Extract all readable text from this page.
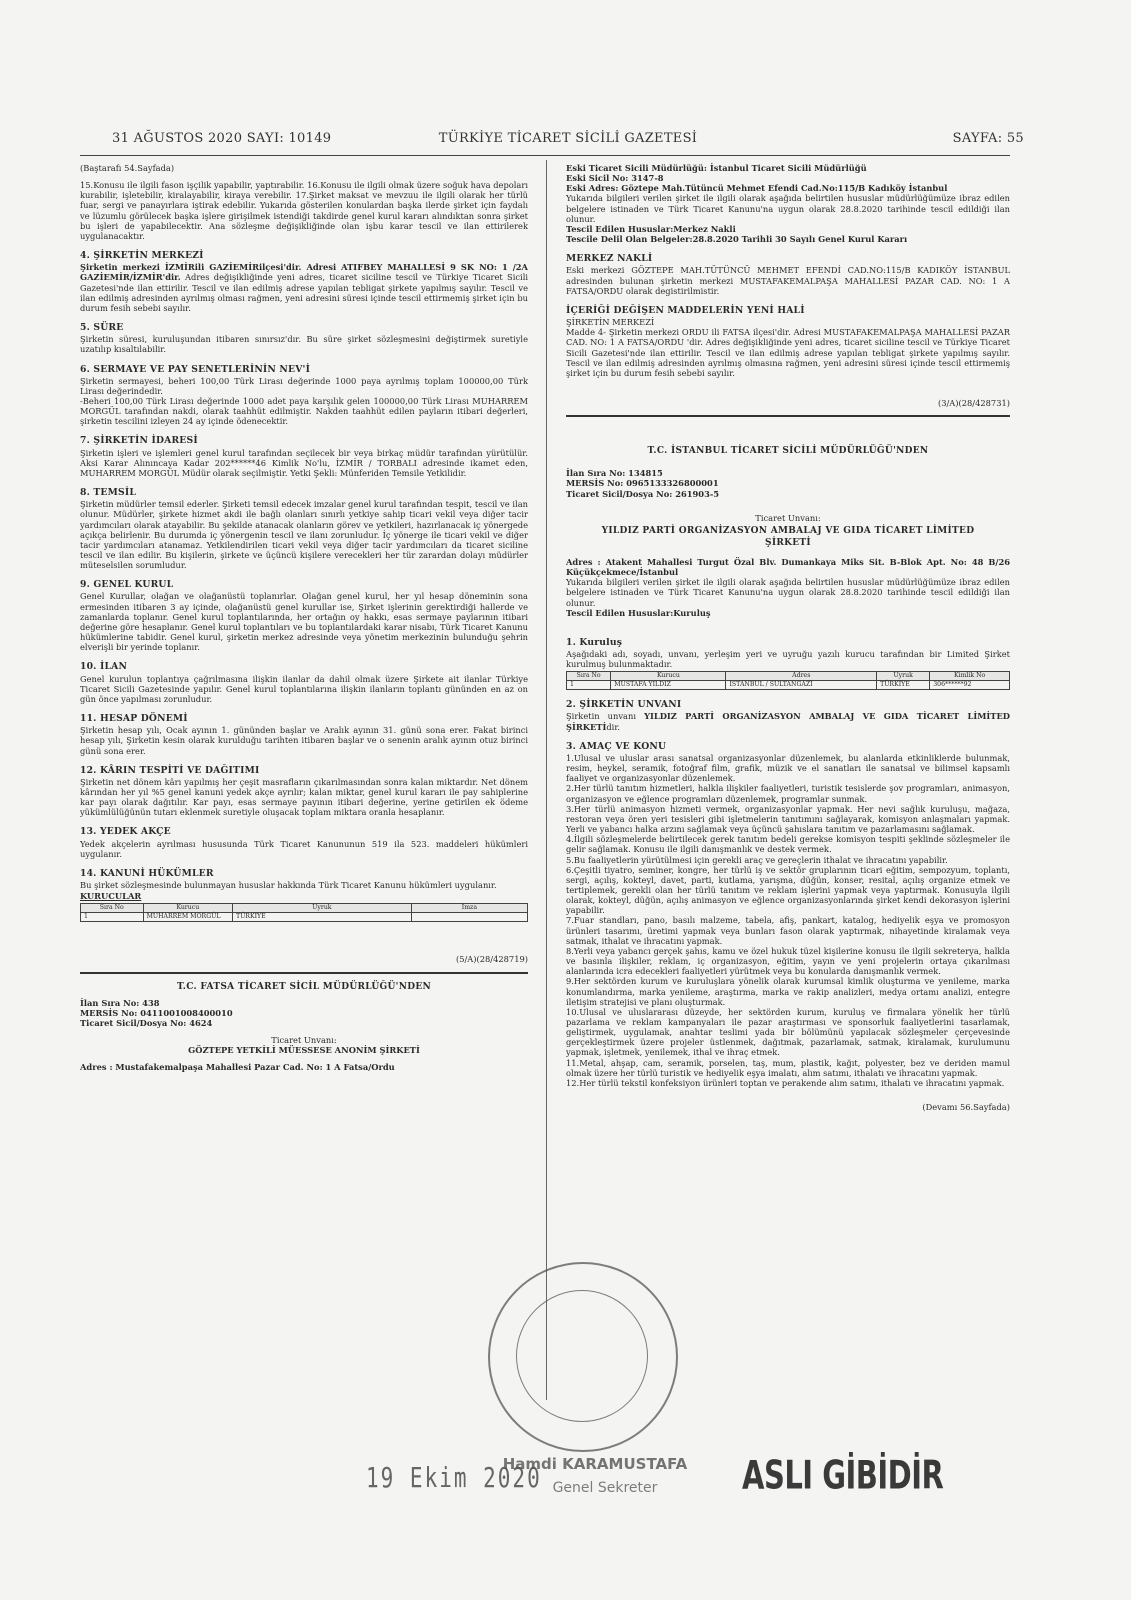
31 AĞUSTOS 2020 SAYI: 10149	TÜRKİYE TİCARET SİCİLİ GAZETESİ	SAYFA: 55

(Baştarafı 54.Sayfada)

15.Konusu ile ilgili fason işçilik yapabilir, yaptırabilir. 16.Konusu ile ilgili olmak üzere soğuk hava depoları kurabilir, işletebilir, kiralayabilir, kiraya verebilir. 17.Şirket maksat ve mevzuu ile ilgili olarak her türlü fuar, sergi ve panayırlara iştirak edebilir. Yukarıda gösterilen konulardan başka ilerde şirket için faydalı ve lüzumlu görülecek başka işlere girişilmek istendiği takdirde genel kurul kararı alındıktan sonra şirket bu işleri de yapabilecektir. Ana sözleşme değişikliğinde olan işbu karar tescil ve ilan ettirilerek uygulanacaktır.

4. ŞİRKETİN MERKEZİ

Şirketin merkezi İZMİRili GAZİEMİRilçesi'dir. Adresi ATIFBEY MAHALLESİ 9 SK NO: 1 /2A GAZİEMİR/İZMİR'dir. Adres değişikliğinde yeni adres, ticaret siciline tescil ve Türkiye Ticaret Sicili Gazetesi'nde ilan ettirilir. Tescil ve ilan edilmiş adrese yapılan tebligat şirkete yapılmış sayılır. Tescil ve ilan edilmiş adresinden ayrılmış olması rağmen, yeni adresini süresi içinde tescil ettirmemiş şirket için bu durum fesih sebebi sayılır.

5. SÜRE

Şirketin süresi, kuruluşundan itibaren sınırsız'dır. Bu süre şirket sözleşmesini değiştirmek suretiyle uzatılıp kısaltılabilir.

6. SERMAYE VE PAY SENETLERİNİN NEV'İ

Şirketin sermayesi, beheri 100,00 Türk Lirası değerinde 1000 paya ayrılmış toplam 100000,00 Türk Lirası değerindedir.

-Beheri 100,00 Türk Lirası değerinde 1000 adet paya karşılık gelen 100000,00 Türk Lirası MUHARREM MORGÜL tarafından nakdi, olarak taahhüt edilmiştir. Nakden taahhüt edilen payların itibari değerleri, şirketin tescilini izleyen 24 ay içinde ödenecektir.

7. ŞİRKETİN İDARESİ

Şirketin işleri ve işlemleri genel kurul tarafından seçilecek bir veya birkaç müdür tarafından yürütülür. Aksi Karar Alınıncaya Kadar 202******46 Kimlik No'lu, İZMİR / TORBALI adresinde ikamet eden, MUHARREM MORGÜL Müdür olarak seçilmiştir. Yetki Şekli: Münferiden Temsile Yetkilidir.

8. TEMSİL

Şirketin müdürler temsil ederler. Şirketi temsil edecek imzalar genel kurul tarafından tespit, tescil ve ilan olunur. Müdürler, şirkete hizmet akdi ile bağlı olanları sınırlı yetkiye sahip ticari vekil veya diğer tacir yardımcıları olarak atayabilir. Bu şekilde atanacak olanların görev ve yetkileri, hazırlanacak iç yönergede açıkça belirlenir. Bu durumda iç yönergenin tescil ve ilanı zorunludur. İç yönerge ile ticari vekil ve diğer tacir yardımcıları atanamaz. Yetkilendirilen ticari vekil veya diğer tacir yardımcıları da ticaret siciline tescil ve ilan edilir. Bu kişilerin, şirkete ve üçüncü kişilere verecekleri her tür zarardan dolayı müdürler müteselsilen sorumludur.

9. GENEL KURUL

Genel Kurullar, olağan ve olağanüstü toplanırlar. Olağan genel kurul, her yıl hesap döneminin sona ermesinden itibaren 3 ay içinde, olağanüstü genel kurullar ise, Şirket işlerinin gerektirdiği hallerde ve zamanlarda toplanır. Genel kurul toplantılarında, her ortağın oy hakkı, esas sermaye paylarının itibari değerine göre hesaplanır. Genel kurul toplantıları ve bu toplantılardaki karar nisabı, Türk Ticaret Kanunu hükümlerine tabidir. Genel kurul, şirketin merkez adresinde veya yönetim merkezinin bulunduğu şehrin elverişli bir yerinde toplanır.

10. İLAN

Genel kurulun toplantıya çağrılmasına ilişkin ilanlar da dahil olmak üzere Şirkete ait ilanlar Türkiye Ticaret Sicili Gazetesinde yapılır. Genel kurul toplantılarına ilişkin ilanların toplantı gününden en az on gün önce yapılması zorunludur.

11. HESAP DÖNEMİ

Şirketin hesap yılı, Ocak ayının 1. gününden başlar ve Aralık ayının 31. günü sona erer. Fakat birinci hesap yılı, Şirketin kesin olarak kurulduğu tarihten itibaren başlar ve o senenin aralık ayının otuz birinci günü sona erer.

12. KÂRIN TESPİTİ VE DAĞITIMI

Şirketin net dönem kârı yapılmış her çeşit masrafların çıkarılmasından sonra kalan miktardır. Net dönem kârından her yıl %5 genel kanuni yedek akçe ayrılır; kalan miktar, genel kurul kararı ile pay sahiplerine kar payı olarak dağıtılır. Kar payı, esas sermaye payının itibari değerine, yerine getirilen ek ödeme yükümlülüğünün tutarı eklenmek suretiyle oluşacak toplam miktara oranla hesaplanır.

13. YEDEK AKÇE

Yedek akçelerin ayrılması hususunda Türk Ticaret Kanununun 519 ila 523. maddeleri hükümleri uygulanır.

14. KANUNİ HÜKÜMLER

Bu şirket sözleşmesinde bulunmayan hususlar hakkında Türk Ticaret Kanunu hükümleri uygulanır.

KURUCULAR
Sıra No	Kurucu	Uyruk	İmza
1	MUHARREM MORGÜL	TÜRKİYE	

(5/A)(28/428719)

T.C. FATSA TİCARET SİCİL MÜDÜRLÜĞÜ'NDEN

İlan Sıra No: 438

MERSİS No: 0411001008400010

Ticaret Sicil/Dosya No: 4624

Ticaret Unvanı:

GÖZTEPE YETKİLİ MÜESSESE ANONİM ŞİRKETİ

Adres : Mustafakemalpaşa Mahallesi Pazar Cad. No: 1 A Fatsa/Ordu

Eski Ticaret Sicili Müdürlüğü: İstanbul Ticaret Sicili Müdürlüğü

Eski Sicil No: 3147-8

Eski Adres: Göztepe Mah.Tütüncü Mehmet Efendi Cad.No:115/B Kadıköy İstanbul

Yukarıda bilgileri verilen şirket ile ilgili olarak aşağıda belirtilen hususlar müdürlüğümüze ibraz edilen belgelere istinaden ve Türk Ticaret Kanunu'na uygun olarak 28.8.2020 tarihinde tescil edildiği ilan olunur.

Tescil Edilen Hususlar:Merkez Nakli

Tescile Delil Olan Belgeler:28.8.2020 Tarihli 30 Sayılı Genel Kurul Kararı

MERKEZ NAKLİ

Eski merkezi GÖZTEPE MAH.TÜTÜNCÜ MEHMET EFENDİ CAD.NO:115/B KADIKÖY İSTANBUL adresinden bulunan şirketin merkezi MUSTAFAKEMALPAŞA MAHALLESİ PAZAR CAD. NO: 1 A FATSA/ORDU olarak degistirilmistir.

İÇERİĞİ DEĞİŞEN MADDELERİN YENİ HALİ

ŞİRKETİN MERKEZİ

Madde 4- Şirketin merkezi ORDU ili FATSA ilçesi'dir. Adresi MUSTAFAKEMALPAŞA MAHALLESİ PAZAR CAD. NO: 1 A FATSA/ORDU 'dir. Adres değişikliğinde yeni adres, ticaret siciline tescil ve Türkiye Ticaret Sicili Gazetesi'nde ilan ettirilir. Tescil ve ilan edilmiş adrese yapılan tebligat şirkete yapılmış sayılır. Tescil ve ilan edilmiş adresinden ayrılmış olmasına rağmen, yeni adresini süresi içinde tescil ettirmemiş şirket için bu durum fesih sebebi sayılır.

(3/A)(28/428731)

T.C. İSTANBUL TİCARET SİCİLİ MÜDÜRLÜĞÜ'NDEN

İlan Sıra No: 134815

MERSİS No: 0965133326800001

Ticaret Sicil/Dosya No: 261903-5

Ticaret Unvanı:

YILDIZ PARTİ ORGANİZASYON AMBALAJ VE GIDA TİCARET LİMİTED ŞİRKETİ

Adres : Atakent Mahallesi Turgut Özal Blv. Dumankaya Miks Sit. B-Blok Apt. No: 48 B/26 Küçükçekmece/İstanbul

Yukarıda bilgileri verilen şirket ile ilgili olarak aşağıda belirtilen hususlar müdürlüğümüze ibraz edilen belgelere istinaden ve Türk Ticaret Kanunu'na uygun olarak 28.8.2020 tarihinde tescil edildiği ilan olunur.

Tescil Edilen Hususlar:Kuruluş

1. Kuruluş

Aşağıdaki adı, soyadı, unvanı, yerleşim yeri ve uyruğu yazılı kurucu tarafından bir Limited Şirket kurulmuş bulunmaktadır.

Sıra No	Kurucu	Adres	Uyruk	Kimlik No
1	MUSTAFA YILDIZ	İSTANBUL / SULTANGAZİ	TÜRKİYE	306******92
2. ŞİRKETİN UNVANI

Şirketin unvanı YILDIZ PARTİ ORGANİZASYON AMBALAJ VE GIDA TİCARET LİMİTED ŞİRKETİdir.

3. AMAÇ VE KONU

1.Ulusal ve uluslar arası sanatsal organizasyonlar düzenlemek, bu alanlarda etkinliklerde bulunmak, resim, heykel, seramik, fotoğraf film, grafik, müzik ve el sanatları ile sanatsal ve bilimsel kapsamlı faaliyet ve organizasyonlar düzenlemek.

2.Her türlü tanıtım hizmetleri, halkla ilişkiler faaliyetleri, turistik tesislerde şov programları, animasyon, organizasyon ve eğlence programları düzenlemek, programlar sunmak.

3.Her türlü animasyon hizmeti vermek, organizasyonlar yapmak. Her nevi sağlık kuruluşu, mağaza, restoran veya ören yeri tesisleri gibi işletmelerin tanıtımını sağlayarak, komisyon anlaşmaları yapmak. Yerli ve yabancı halka arzını sağlamak veya üçüncü şahıslara tanıtım ve pazarlamasını sağlamak.

4.İlgili sözleşmelerde belirtilecek gerek tanıtım bedeli gerekse komisyon tespiti şeklinde sözleşmeler ile gelir sağlamak. Konusu ile ilgili danışmanlık ve destek vermek.

5.Bu faaliyetlerin yürütülmesi için gerekli araç ve gereçlerin ithalat ve ihracatını yapabilir.

6.Çeşitli tiyatro, seminer, kongre, her türlü iş ve sektör gruplarının ticari eğitim, sempozyum, toplantı, sergi, açılış, kokteyl, davet, parti, kutlama, yarışma, düğün, konser, resital, açılış organize etmek ve tertiplemek, gerekli olan her türlü tanıtım ve reklam işlerini yapmak veya yaptırmak. Konusuyla ilgili olarak, kokteyl, düğün, açılış animasyon ve eğlence organizasyonlarında şirket kendi dekorasyon işlerini yapabilir.

7.Fuar standları, pano, basılı malzeme, tabela, afiş, pankart, katalog, hediyelik eşya ve promosyon ürünleri tasarımı, üretimi yapmak veya bunları fason olarak yaptırmak, nihayetinde kiralamak veya satmak, ithalat ve ihracatını yapmak.

8.Yerli veya yabancı gerçek şahıs, kamu ve özel hukuk tüzel kişilerine konusu ile ilgili sekreterya, halkla ve basınla ilişkiler, reklam, iç organizasyon, eğitim, yayın ve yeni projelerin ortaya çıkarılması alanlarında icra edecekleri faaliyetleri yürütmek veya bu konularda danışmanlık vermek.

9.Her sektörden kurum ve kuruluşlara yönelik olarak kurumsal kimlik oluşturma ve yenileme, marka konumlandırma, marka yenileme, araştırma, marka ve rakip analizleri, medya ortamı analizi, entegre iletişim stratejisi ve planı oluşturmak.

10.Ulusal ve uluslararası düzeyde, her sektörden kurum, kuruluş ve firmalara yönelik her türlü pazarlama ve reklam kampanyaları ile pazar araştırması ve sponsorluk faaliyetlerini tasarlamak, geliştirmek, uygulamak, anahtar teslimi yada bir bölümünü yapılacak sözleşmeler çerçevesinde gerçekleştirmek üzere projeler üstlenmek, dağıtmak, pazarlamak, satmak, kiralamak, kurulumunu yapmak, işletmek, yenilemek, ithal ve ihraç etmek.

11.Metal, ahşap, cam, seramik, porselen, taş, mum, plastik, kağıt, polyester, bez ve deriden mamul olmak üzere her türlü turistik ve hediyelik eşya imalatı, alım satımı, ithalatı ve ihracatını yapmak.

12.Her türlü tekstil konfeksiyon ürünleri toptan ve perakende alım satımı, ithalatı ve ihracatını yapmak.

(Devamı 56.Sayfada)

19 Ekim 2020
Hamdi KARAMUSTAFA
Genel Sekreter	ASLI GİBİDİR
